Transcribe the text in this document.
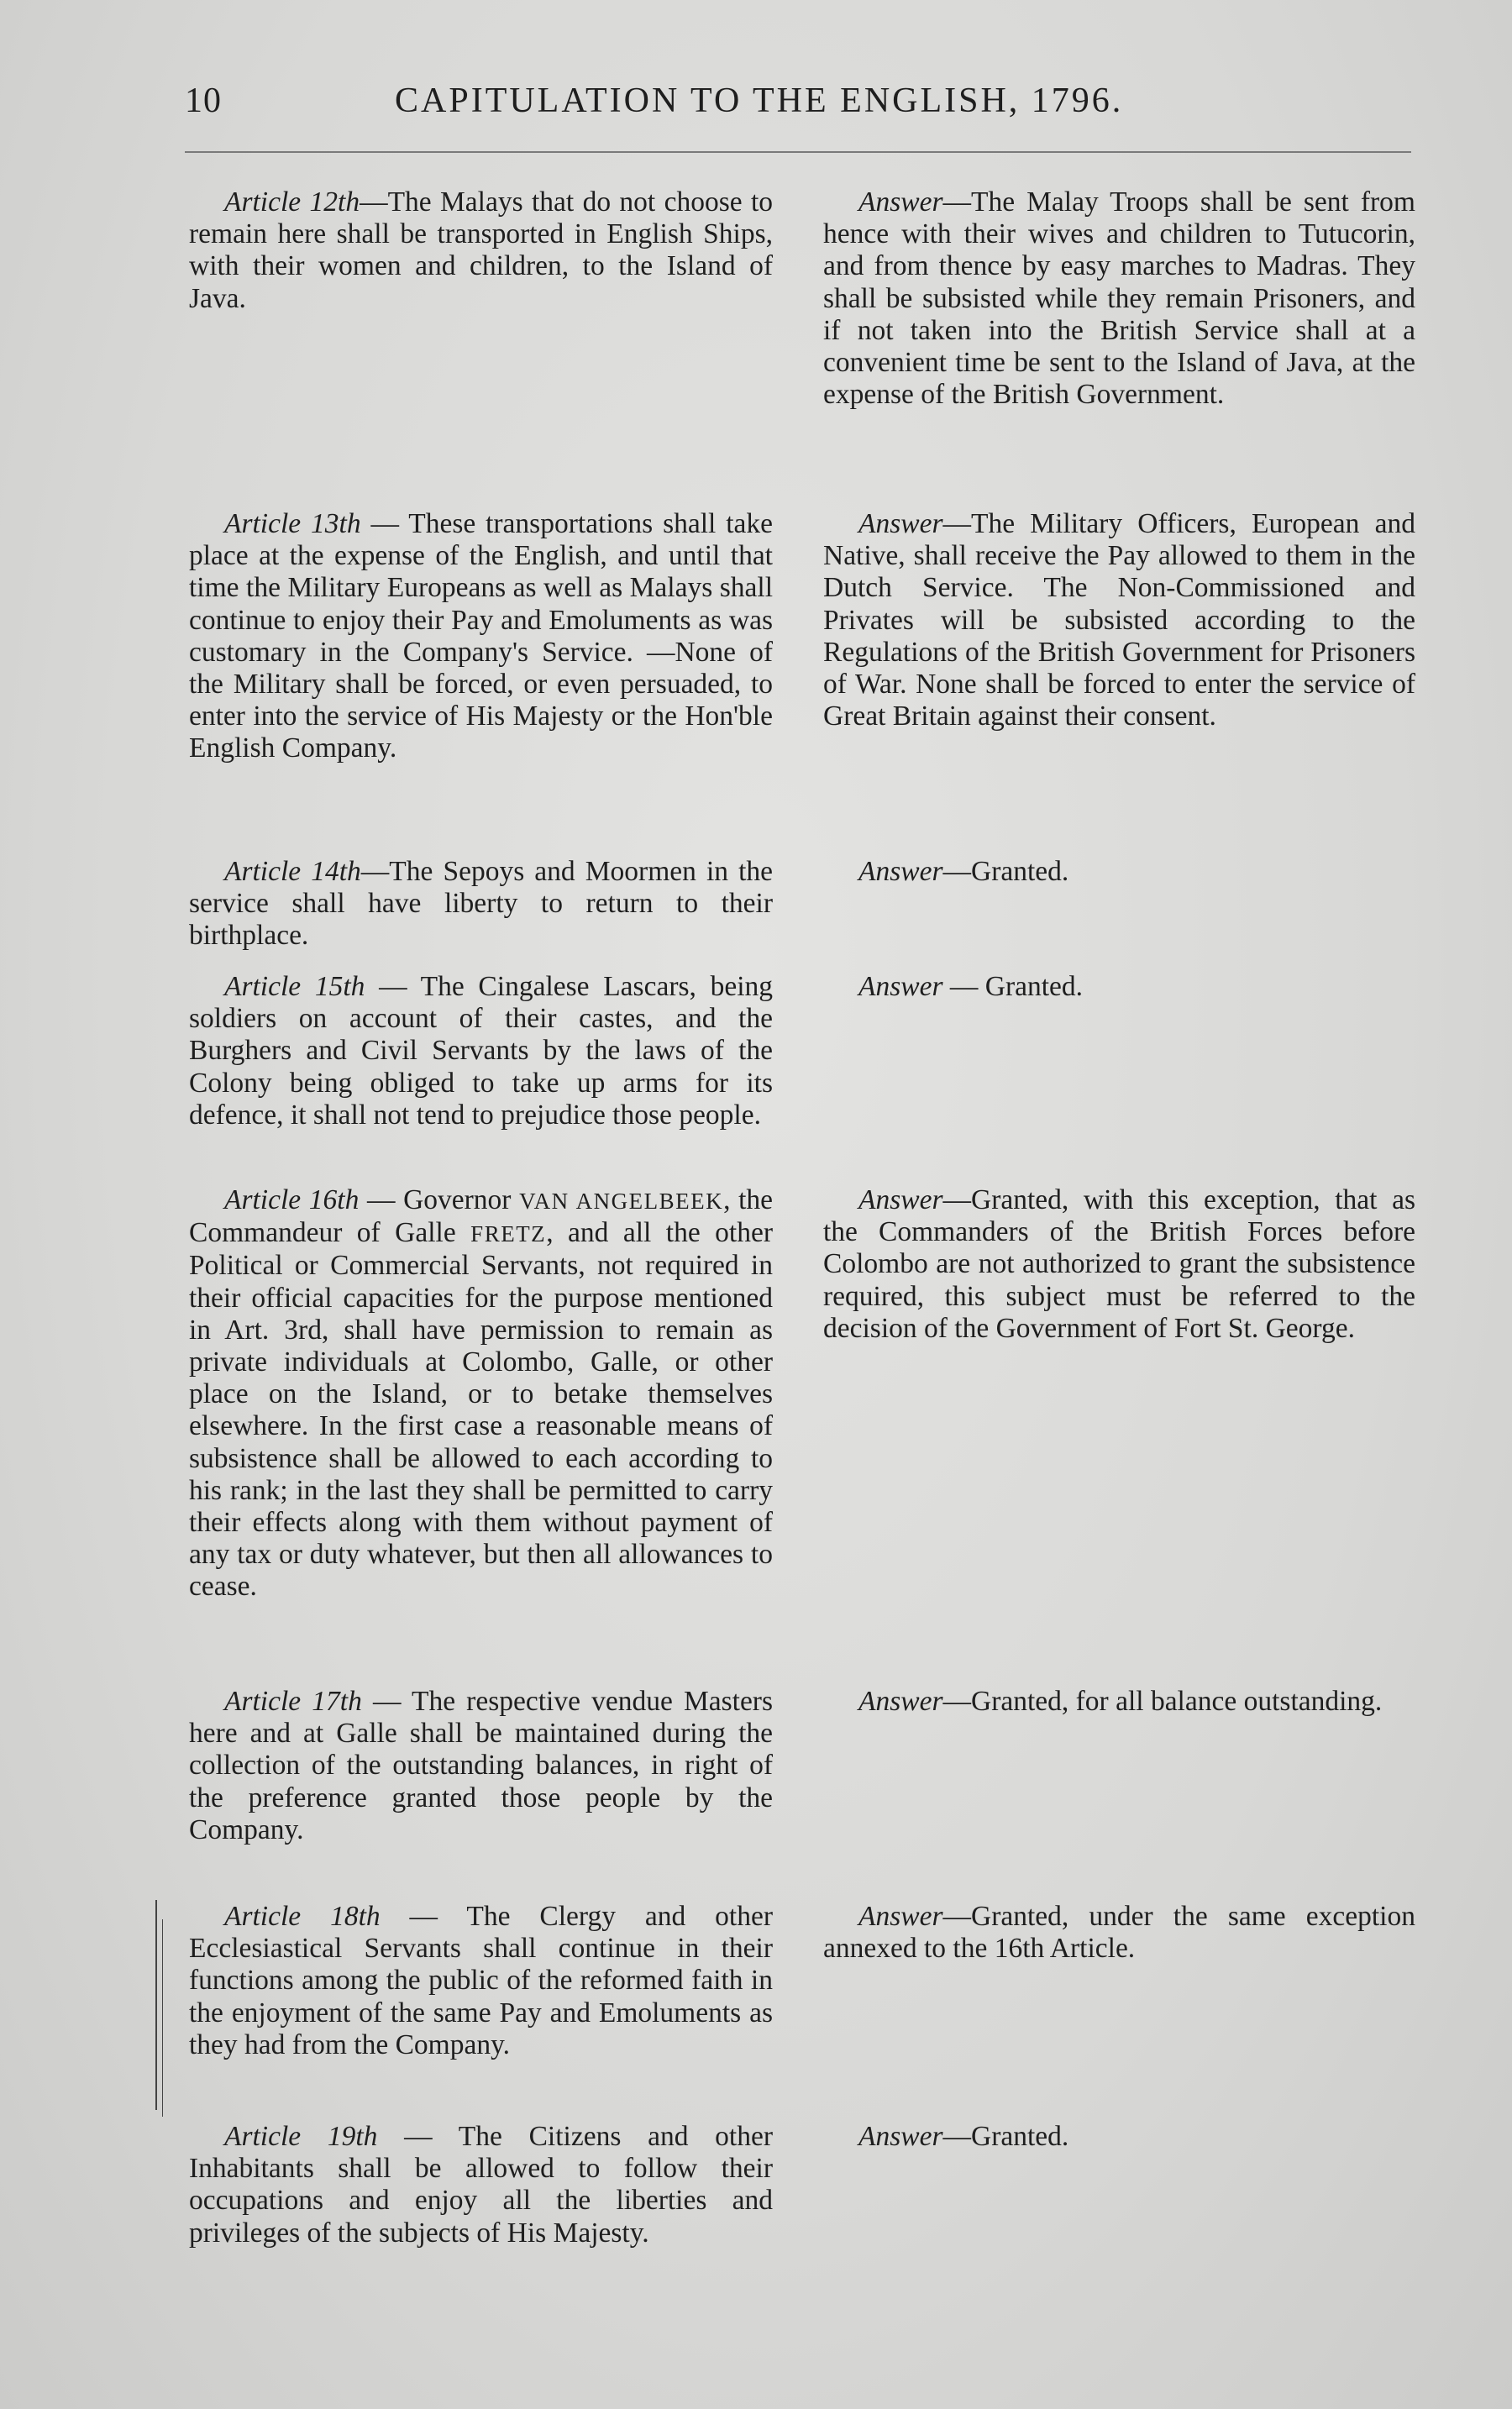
10	CAPITULATION TO THE ENGLISH, 1796.

Article 12th—The Malays that do not choose to remain here shall be transported in English Ships, with their women and children, to the Island of Java.

Answer—The Malay Troops shall be sent from hence with their wives and children to Tutucorin, and from thence by easy marches to Madras. They shall be subsisted while they remain Prisoners, and if not taken into the British Service shall at a convenient time be sent to the Island of Java, at the expense of the British Government.

Article 13th — These transportations shall take place at the expense of the English, and until that time the Military Europeans as well as Malays shall continue to enjoy their Pay and Emoluments as was customary in the Company's Service. —None of the Military shall be forced, or even persuaded, to enter into the service of His Majesty or the Hon'ble English Company.

Answer—The Military Officers, European and Native, shall receive the Pay allowed to them in the Dutch Service. The Non-Commissioned and Privates will be subsisted according to the Regulations of the British Government for Prisoners of War. None shall be forced to enter the service of Great Britain against their consent.

Article 14th—The Sepoys and Moormen in the service shall have liberty to return to their birthplace.

Answer—Granted.

Article 15th — The Cingalese Lascars, being soldiers on account of their castes, and the Burghers and Civil Servants by the laws of the Colony being obliged to take up arms for its defence, it shall not tend to prejudice those people.

Answer — Granted.

Article 16th — Governor VAN ANGELBEEK, the Commandeur of Galle FRETZ, and all the other Political or Commercial Servants, not required in their official capacities for the purpose mentioned in Art. 3rd, shall have permission to remain as private individuals at Colombo, Galle, or other place on the Island, or to betake themselves elsewhere. In the first case a reasonable means of subsistence shall be allowed to each according to his rank; in the last they shall be permitted to carry their effects along with them without payment of any tax or duty whatever, but then all allowances to cease.

Answer—Granted, with this exception, that as the Commanders of the British Forces before Colombo are not authorized to grant the subsistence required, this subject must be referred to the decision of the Government of Fort St. George.

Article 17th — The respective vendue Masters here and at Galle shall be maintained during the collection of the outstanding balances, in right of the preference granted those people by the Company.

Answer—Granted, for all balance outstanding.

Article 18th — The Clergy and other Ecclesiastical Servants shall continue in their functions among the public of the reformed faith in the enjoyment of the same Pay and Emoluments as they had from the Company.

Answer—Granted, under the same exception annexed to the 16th Article.

Article 19th — The Citizens and other Inhabitants shall be allowed to follow their occupations and enjoy all the liberties and privileges of the subjects of His Majesty.

Answer—Granted.
